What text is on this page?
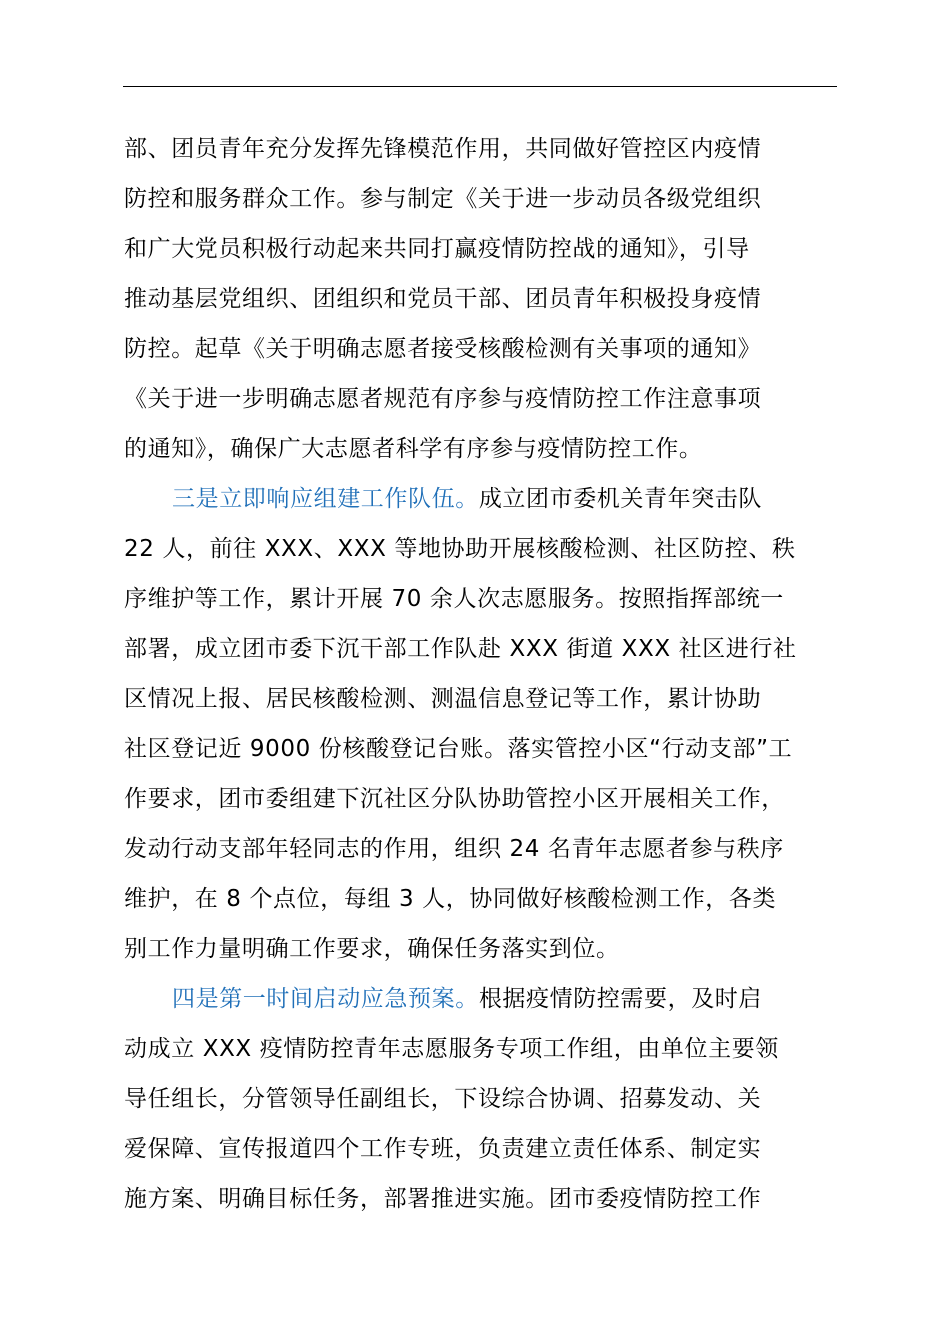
部、团员青年充分发挥先锋模范作用，共同做好管控区内疫情
防控和服务群众工作。参与制定《关于进一步动员各级党组织
和广大党员积极行动起来共同打赢疫情防控战的通知》，引导
推动基层党组织、团组织和党员干部、团员青年积极投身疫情
防控。起草《关于明确志愿者接受核酸检测有关事项的通知》
《关于进一步明确志愿者规范有序参与疫情防控工作注意事项
的通知》，确保广大志愿者科学有序参与疫情防控工作。
三是立即响应组建工作队伍。成立团市委机关青年突击队
22 人，前往 XXX、XXX 等地协助开展核酸检测、社区防控、秩
序维护等工作，累计开展 70 余人次志愿服务。按照指挥部统一
部署，成立团市委下沉干部工作队赴 XXX 街道 XXX 社区进行社
区情况上报、居民核酸检测、测温信息登记等工作，累计协助
社区登记近 9000 份核酸登记台账。落实管控小区“行动支部”工
作要求，团市委组建下沉社区分队协助管控小区开展相关工作，
发动行动支部年轻同志的作用，组织 24 名青年志愿者参与秩序
维护，在 8 个点位，每组 3 人，协同做好核酸检测工作，各类
别工作力量明确工作要求，确保任务落实到位。
四是第一时间启动应急预案。根据疫情防控需要，及时启
动成立 XXX 疫情防控青年志愿服务专项工作组，由单位主要领
导任组长，分管领导任副组长，下设综合协调、招募发动、关
爱保障、宣传报道四个工作专班，负责建立责任体系、制定实
施方案、明确目标任务，部署推进实施。团市委疫情防控工作
